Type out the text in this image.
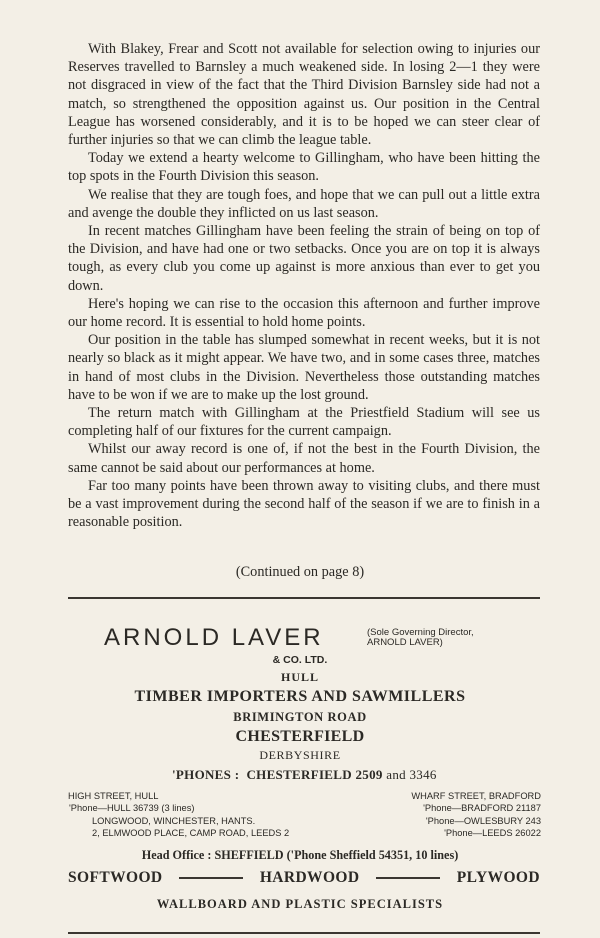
With Blakey, Frear and Scott not available for selection owing to injuries our Reserves travelled to Barnsley a much weakened side. In losing 2—1 they were not disgraced in view of the fact that the Third Division Barnsley side had not a match, so strengthened the opposition against us. Our position in the Central League has worsened considerably, and it is to be hoped we can steer clear of further injuries so that we can climb the league table.

Today we extend a hearty welcome to Gillingham, who have been hitting the top spots in the Fourth Division this season.

We realise that they are tough foes, and hope that we can pull out a little extra and avenge the double they inflicted on us last season.

In recent matches Gillingham have been feeling the strain of being on top of the Division, and have had one or two setbacks. Once you are on top it is always tough, as every club you come up against is more anxious than ever to get you down.

Here's hoping we can rise to the occasion this afternoon and further improve our home record. It is essential to hold home points.

Our position in the table has slumped somewhat in recent weeks, but it is not nearly so black as it might appear. We have two, and in some cases three, matches in hand of most clubs in the Division. Nevertheless those outstanding matches have to be won if we are to make up the lost ground.

The return match with Gillingham at the Priestfield Stadium will see us completing half of our fixtures for the current campaign.

Whilst our away record is one of, if not the best in the Fourth Division, the same cannot be said about our performances at home.

Far too many points have been thrown away to visiting clubs, and there must be a vast improvement during the second half of the season if we are to finish in a reasonable position.

(Continued on page 8)
ARNOLD LAVER	(Sole Governing Director,
ARNOLD LAVER)
& CO. LTD.
HULL
TIMBER IMPORTERS AND SAWMILLERS
BRIMINGTON ROAD
CHESTERFIELD
DERBYSHIRE
'PHONES : CHESTERFIELD 2509 and 3346
HIGH STREET, HULL
'Phone—HULL 36739 (3 lines)
LONGWOOD, WINCHESTER, HANTS.
2, ELMWOOD PLACE, CAMP ROAD, LEEDS 2
WHARF STREET, BRADFORD
'Phone—BRADFORD 21187
'Phone—OWLESBURY 243
'Phone—LEEDS 26022
Head Office : SHEFFIELD ('Phone Sheffield 54351, 10 lines)
SOFTWOOD	HARDWOOD	PLYWOOD
WALLBOARD AND PLASTIC SPECIALISTS
